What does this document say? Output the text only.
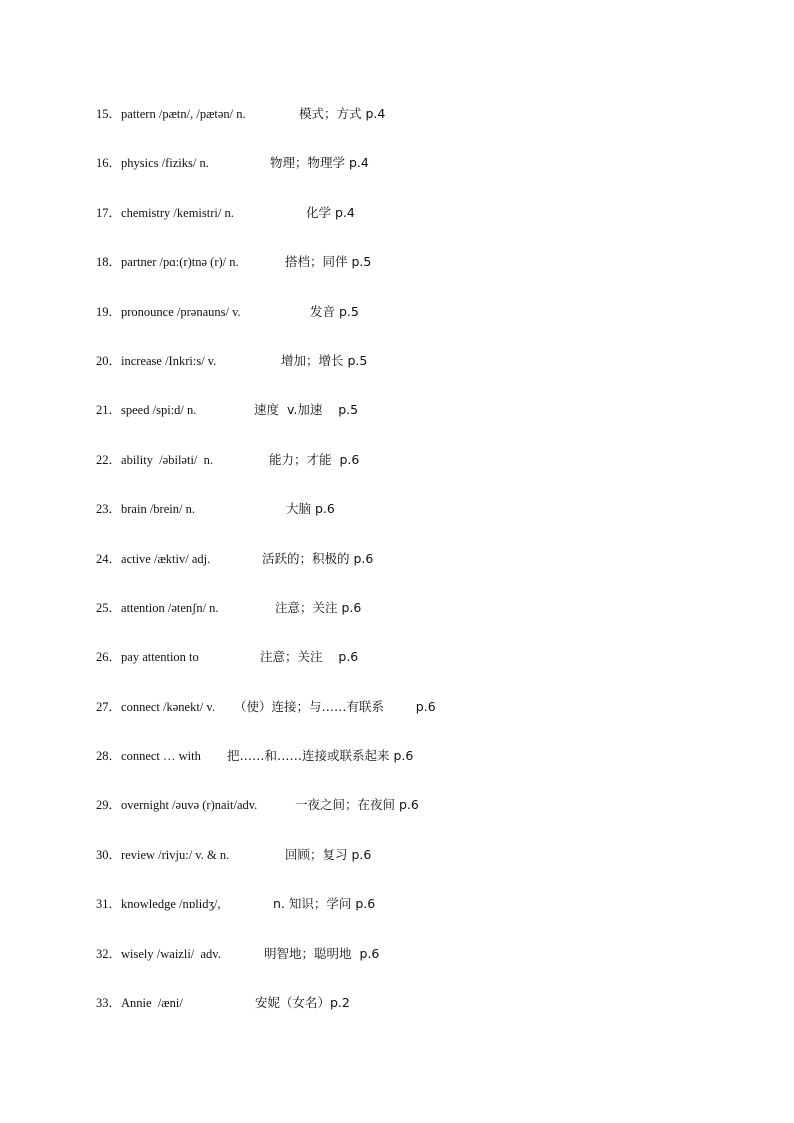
15．pattern /pætn/, /pætən/ n.	模式；方式 p.4
16．physics /fiziks/ n.	物理；物理学 p.4
17．chemistry /kemistri/ n.	化学 p.4
18．partner /pɑ:(r)tnə (r)/ n.	搭档；同伴 p.5
19．pronounce /prənauns/ v.	发音 p.5
20．increase /Inkri:s/ v.	增加；增长 p.5
21．speed /spi:d/ n.	速度  v.加速    p.5
22．ability  /əbiləti/  n.	能力；才能  p.6
23．brain /brein/ n.	大脑 p.6
24．active /æktiv/ adj.	活跃的；积极的 p.6
25．attention /ətenʃn/ n.	注意；关注 p.6
26．pay attention to	注意；关注    p.6
27．connect /kənekt/ v. （使）连接；与……有联系        p.6
28．connect … with 把……和……连接或联系起来 p.6
29．overnight /əuvə (r)nait/adv.	一夜之间；在夜间 p.6
30．review /rivju:/ v. & n.	回顾；复习 p.6
31．knowledge /nɒlidʒ/,	n. 知识；学问 p.6
32．wisely /waizli/  adv.	明智地；聪明地  p.6
33．Annie  /æni/	安妮（女名）p.2
